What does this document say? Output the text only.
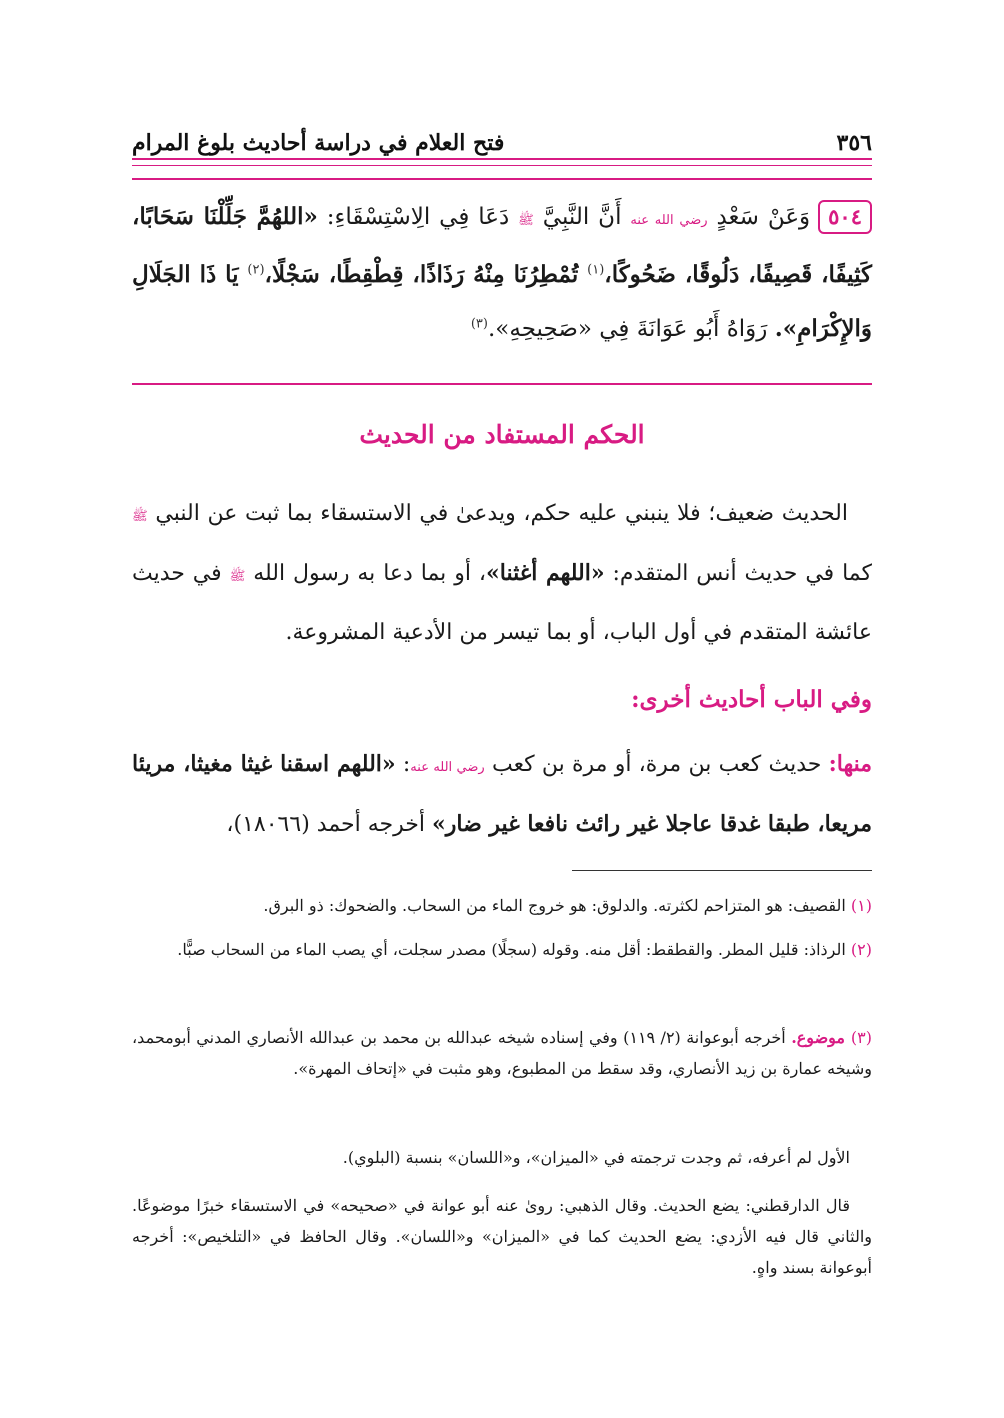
٣٥٦
فتح العلام في دراسة أحاديث بلوغ المرام
٥٠٤وَعَنْ سَعْدٍ رضي الله عنه أَنَّ النَّبِيَّ ﷺ دَعَا فِي الِاسْتِسْقَاءِ: «اللهُمَّ جَلِّلْنَا سَحَابًا، كَثِيفًا، قَصِيفًا، دَلُوقًا، ضَحُوكًا،$^{(١)}$ تُمْطِرُنَا مِنْهُ رَذَاذًا، قِطْقِطًا، سَجْلًا،$^{(٢)}$ يَا ذَا الجَلَالِ وَالإِكْرَامِ». رَوَاهُ أَبُو عَوَانَةَ فِي «صَحِيحِهِ».$^{(٣)}$
الحكم المستفاد من الحديث
الحديث ضعيف؛ فلا ينبني عليه حكم، ويدعىٰ في الاستسقاء بما ثبت عن النبي ﷺ كما في حديث أنس المتقدم: «اللهم أغثنا»، أو بما دعا به رسول الله ﷺ في حديث عائشة المتقدم في أول الباب، أو بما تيسر من الأدعية المشروعة.
وفي الباب أحاديث أخرى:
منها: حديث كعب بن مرة، أو مرة بن كعب رضي الله عنه: «اللهم اسقنا غيثا مغيثا، مريئا مريعا، طبقا غدقا عاجلا غير رائث نافعا غير ضار» أخرجه أحمد (١٨٠٦٦)،
(١) القصيف: هو المتزاحم لكثرته. والدلوق: هو خروج الماء من السحاب. والضحوك: ذو البرق.
(٢) الرذاذ: قليل المطر. والقطقط: أقل منه. وقوله (سجلًا) مصدر سجلت، أي يصب الماء من السحاب صبًّا.
(٣) موضوع. أخرجه أبوعوانة (٢/ ١١٩) وفي إسناده شيخه عبدالله بن محمد بن عبدالله الأنصاري المدني أبومحمد، وشيخه عمارة بن زيد الأنصاري، وقد سقط من المطبوع، وهو مثبت في «إتحاف المهرة».
الأول لم أعرفه، ثم وجدت ترجمته في «الميزان»، و«اللسان» بنسبة (البلوي).
قال الدارقطني: يضع الحديث. وقال الذهبي: روىٰ عنه أبو عوانة في «صحيحه» في الاستسقاء خبرًا موضوعًا. والثاني قال فيه الأزدي: يضع الحديث كما في «الميزان» و«اللسان». وقال الحافظ في «التلخيص»: أخرجه أبوعوانة بسند واهٍ.
